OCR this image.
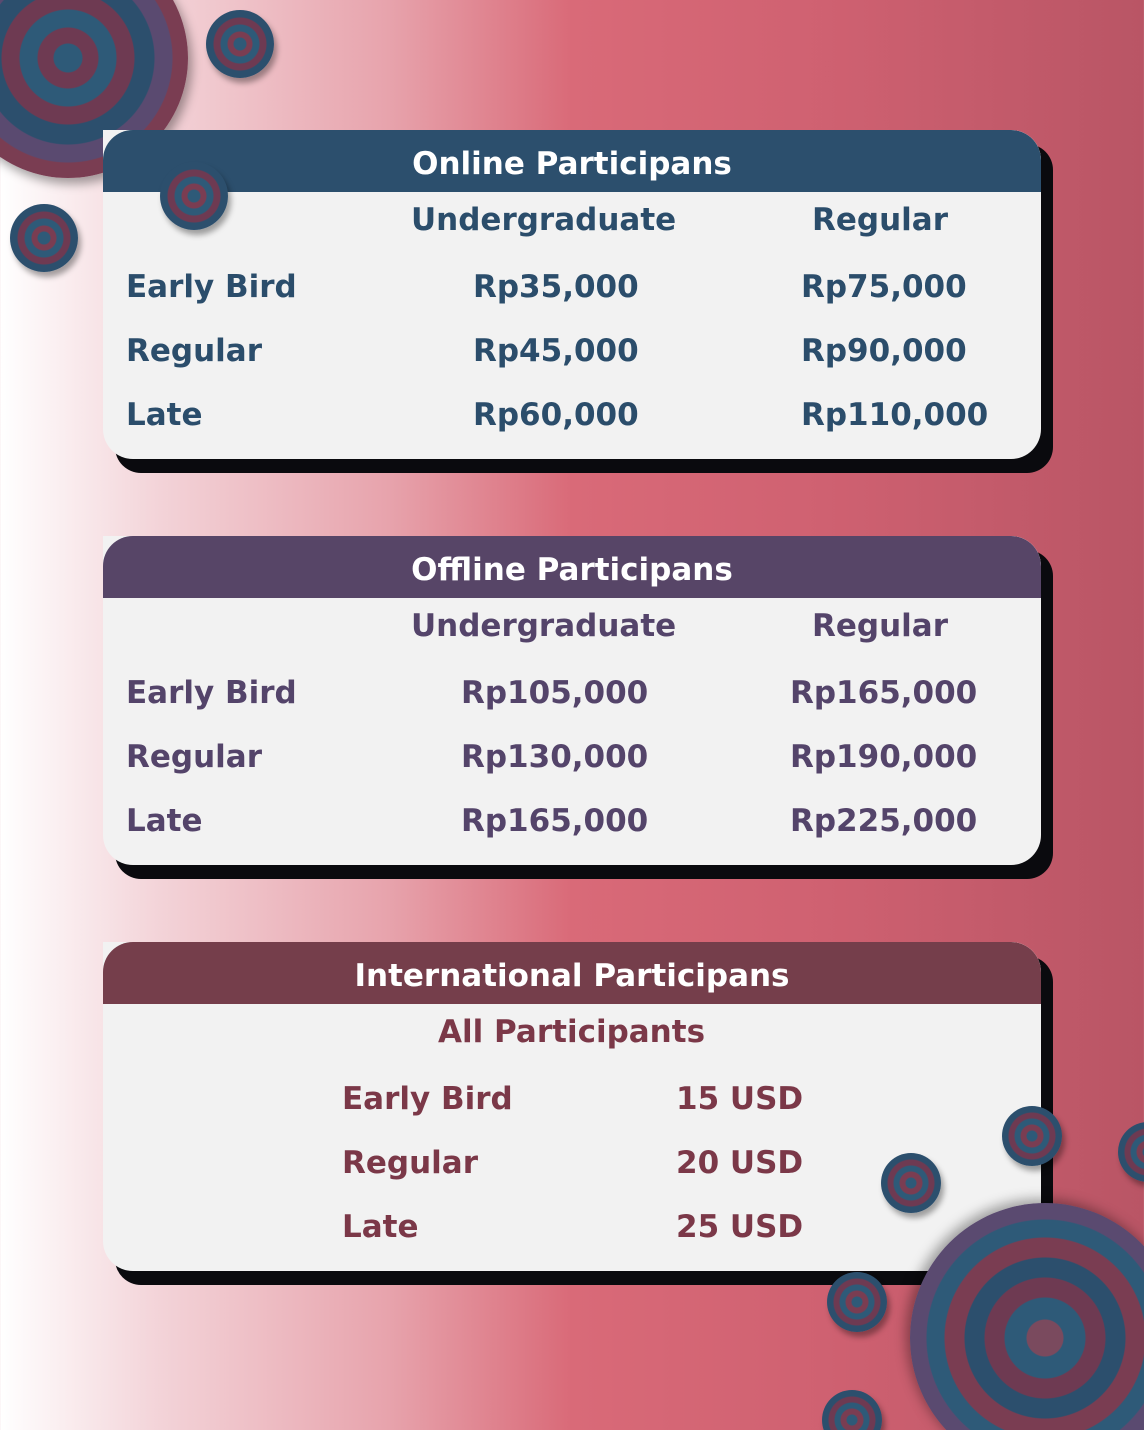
Online Participans
Undergraduate	Regular
Early Bird	Rp35,000	Rp75,000
Regular	Rp45,000	Rp90,000
Late	Rp60,000	Rp110,000
Offline Participans
Undergraduate	Regular
Early Bird	Rp105,000	Rp165,000
Regular	Rp130,000	Rp190,000
Late	Rp165,000	Rp225,000
International Participans
All Participants
Early Bird	15 USD
Regular	20 USD
Late	25 USD
